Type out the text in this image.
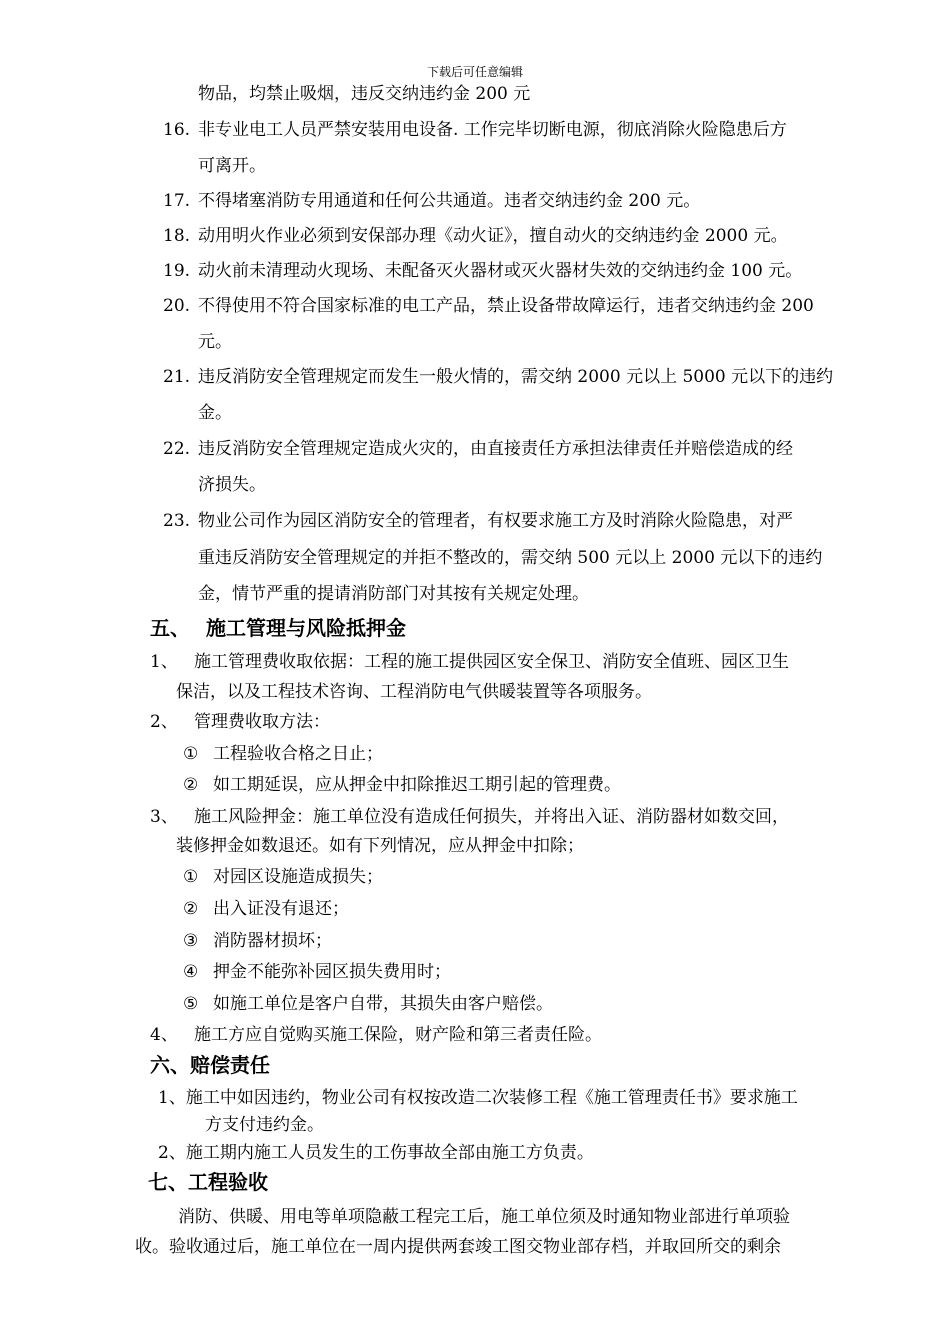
下载后可任意编辑
物品，均禁止吸烟，违反交纳违约金 200 元
16. 非专业电工人员严禁安装用电设备. 工作完毕切断电源，彻底消除火险隐患后方
可离开。
17. 不得堵塞消防专用通道和任何公共通道。违者交纳违约金 200 元。
18. 动用明火作业必须到安保部办理《动火证》，擅自动火的交纳违约金 2000 元。
19. 动火前未清理动火现场、未配备灭火器材或灭火器材失效的交纳违约金 100 元。
20. 不得使用不符合国家标准的电工产品，禁止设备带故障运行，违者交纳违约金 200
元。
21. 违反消防安全管理规定而发生一般火情的，需交纳 2000 元以上 5000 元以下的违约
金。
22. 违反消防安全管理规定造成火灾的，由直接责任方承担法律责任并赔偿造成的经
济损失。
23. 物业公司作为园区消防安全的管理者，有权要求施工方及时消除火险隐患，对严
重违反消防安全管理规定的并拒不整改的，需交纳 500 元以上 2000 元以下的违约
金，情节严重的提请消防部门对其按有关规定处理。
五、 施工管理与风险抵押金
1、 施工管理费收取依据：工程的施工提供园区安全保卫、消防安全值班、园区卫生
保洁，以及工程技术咨询、工程消防电气供暖装置等各项服务。
2、 管理费收取方法：
① 工程验收合格之日止；
② 如工期延误，应从押金中扣除推迟工期引起的管理费。
3、 施工风险押金：施工单位没有造成任何损失，并将出入证、消防器材如数交回，
装修押金如数退还。如有下列情况，应从押金中扣除；
① 对园区设施造成损失；
② 出入证没有退还；
③ 消防器材损坏；
④ 押金不能弥补园区损失费用时；
⑤ 如施工单位是客户自带，其损失由客户赔偿。
4、 施工方应自觉购买施工保险，财产险和第三者责任险。
六、赔偿责任
1、施工中如因违约，物业公司有权按改造二次装修工程《施工管理责任书》要求施工
方支付违约金。
2、施工期内施工人员发生的工伤事故全部由施工方负责。
七、工程验收
消防、供暖、用电等单项隐蔽工程完工后，施工单位须及时通知物业部进行单项验
收。验收通过后，施工单位在一周内提供两套竣工图交物业部存档，并取回所交的剩余
